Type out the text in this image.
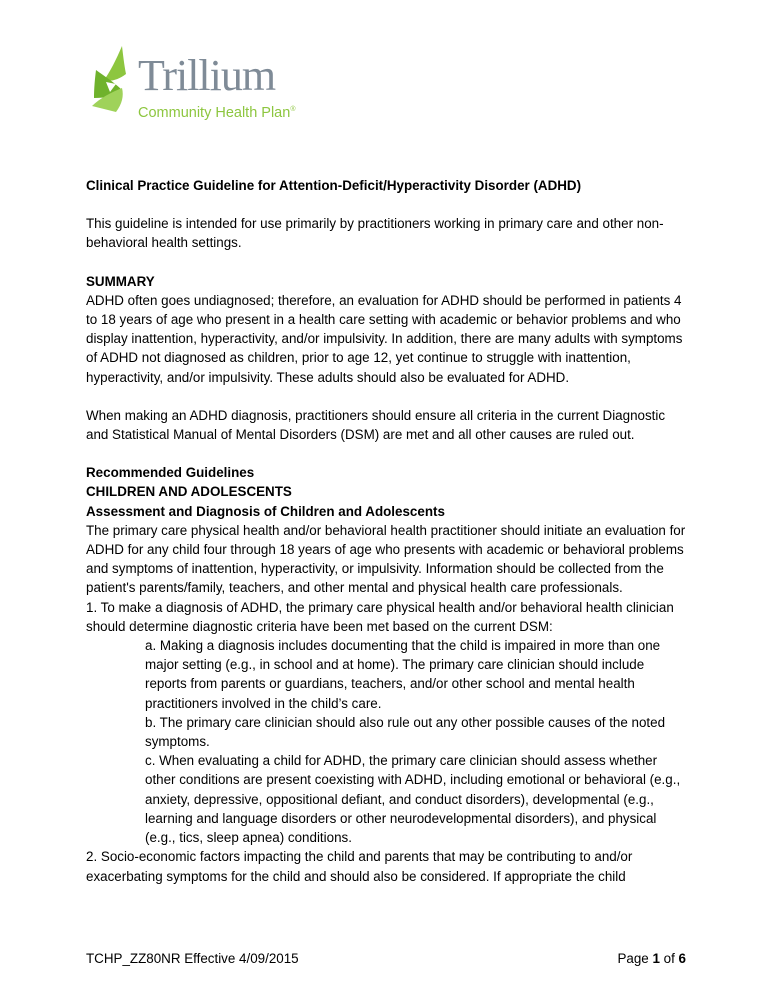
Trillium
Community Health Plan®

Clinical Practice Guideline for Attention-Deficit/Hyperactivity Disorder (ADHD)

This guideline is intended for use primarily by practitioners working in primary care and other non-behavioral health settings.

SUMMARY

ADHD often goes undiagnosed; therefore, an evaluation for ADHD should be performed in patients 4 to 18 years of age who present in a health care setting with academic or behavior problems and who display inattention, hyperactivity, and/or impulsivity. In addition, there are many adults with symptoms of ADHD not diagnosed as children, prior to age 12, yet continue to struggle with inattention, hyperactivity, and/or impulsivity. These adults should also be evaluated for ADHD.

When making an ADHD diagnosis, practitioners should ensure all criteria in the current Diagnostic and Statistical Manual of Mental Disorders (DSM) are met and all other causes are ruled out.

Recommended Guidelines

CHILDREN AND ADOLESCENTS

Assessment and Diagnosis of Children and Adolescents

The primary care physical health and/or behavioral health practitioner should initiate an evaluation for ADHD for any child four through 18 years of age who presents with academic or behavioral problems and symptoms of inattention, hyperactivity, or impulsivity. Information should be collected from the patient's parents/family, teachers, and other mental and physical health care professionals.

1. To make a diagnosis of ADHD, the primary care physical health and/or behavioral health clinician should determine diagnostic criteria have been met based on the current DSM:

a. Making a diagnosis includes documenting that the child is impaired in more than one major setting (e.g., in school and at home). The primary care clinician should include reports from parents or guardians, teachers, and/or other school and mental health practitioners involved in the child’s care.

b. The primary care clinician should also rule out any other possible causes of the noted symptoms.

c. When evaluating a child for ADHD, the primary care clinician should assess whether other conditions are present coexisting with ADHD, including emotional or behavioral (e.g., anxiety, depressive, oppositional defiant, and conduct disorders), developmental (e.g., learning and language disorders or other neurodevelopmental disorders), and physical (e.g., tics, sleep apnea) conditions.

2. Socio-economic factors impacting the child and parents that may be contributing to and/or exacerbating symptoms for the child and should also be considered. If appropriate the child

TCHP_ZZ80NR Effective 4/09/2015	Page 1 of 6
